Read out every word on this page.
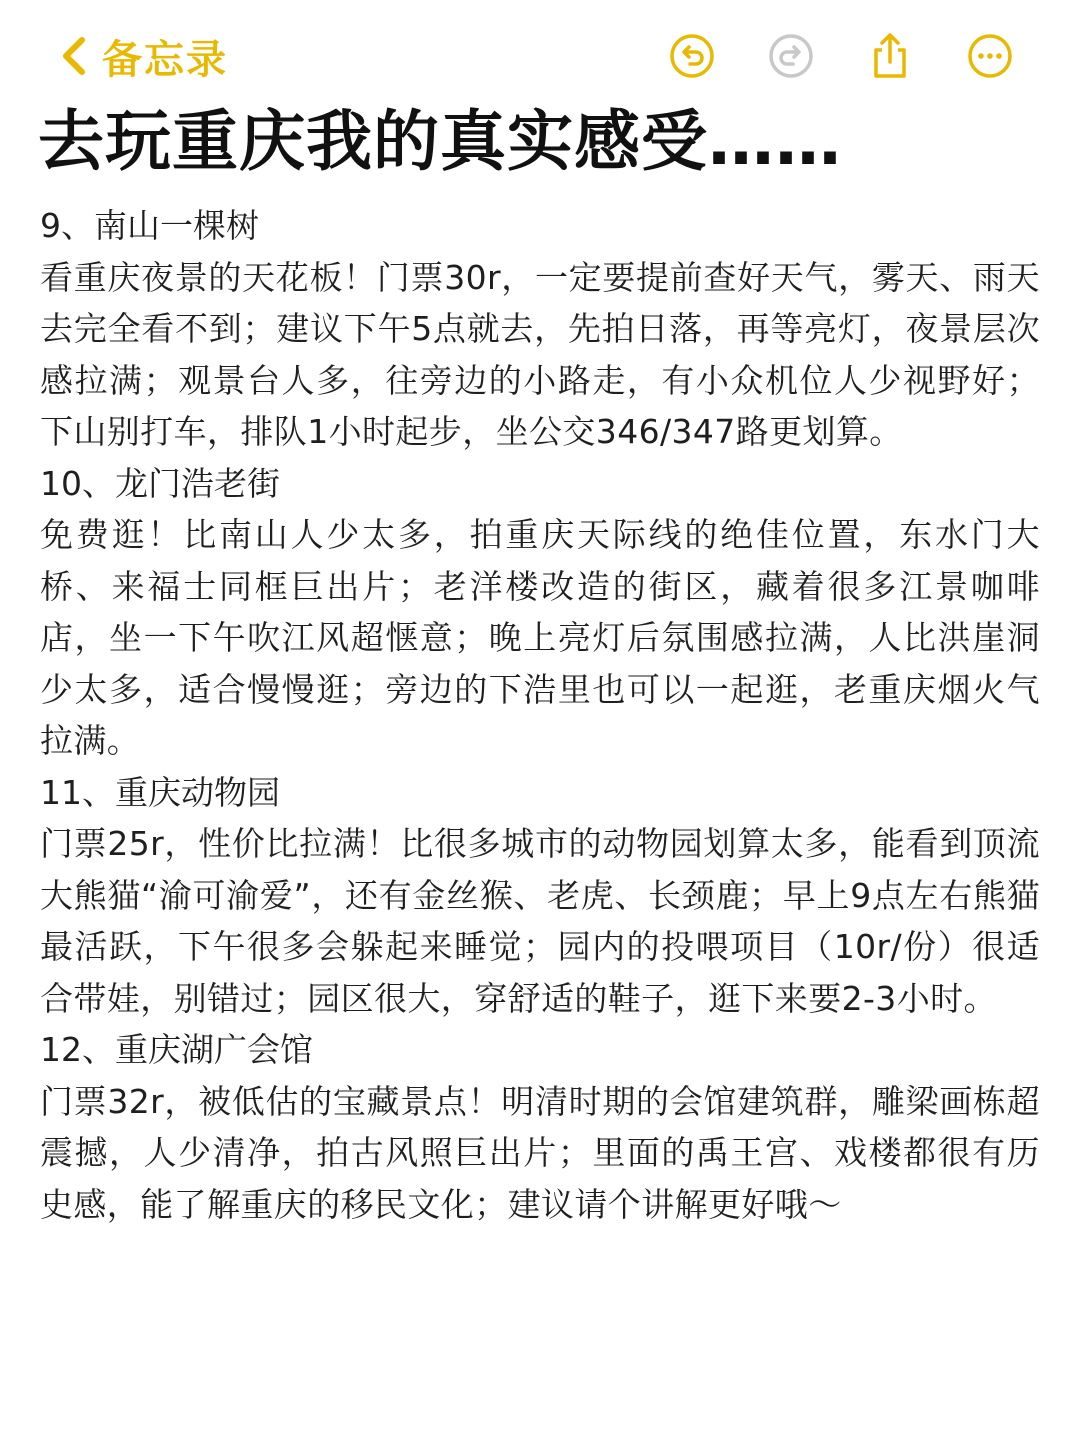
备忘录
去玩重庆我的真实感受……
9、南山一棵树
看重庆夜景的天花板！门票30r，一定要提前查好天气，雾天、雨天去完全看不到；建议下午5点就去，先拍日落，再等亮灯，夜景层次感拉满；观景台人多，往旁边的小路走，有小众机位人少视野好；下山别打车，排队1小时起步，坐公交346/347路更划算。
10、龙门浩老街
免费逛！比南山人少太多，拍重庆天际线的绝佳位置，东水门大桥、来福士同框巨出片；老洋楼改造的街区，藏着很多江景咖啡店，坐一下午吹江风超惬意；晚上亮灯后氛围感拉满，人比洪崖洞少太多，适合慢慢逛；旁边的下浩里也可以一起逛，老重庆烟火气拉满。
11、重庆动物园
门票25r，性价比拉满！比很多城市的动物园划算太多，能看到顶流大熊猫“渝可渝爱”，还有金丝猴、老虎、长颈鹿；早上9点左右熊猫最活跃，下午很多会躲起来睡觉；园内的投喂项目（10r/份）很适合带娃，别错过；园区很大，穿舒适的鞋子，逛下来要2-3小时。
12、重庆湖广会馆
门票32r，被低估的宝藏景点！明清时期的会馆建筑群，雕梁画栋超震撼，人少清净，拍古风照巨出片；里面的禹王宫、戏楼都很有历史感，能了解重庆的移民文化；建议请个讲解更好哦～
